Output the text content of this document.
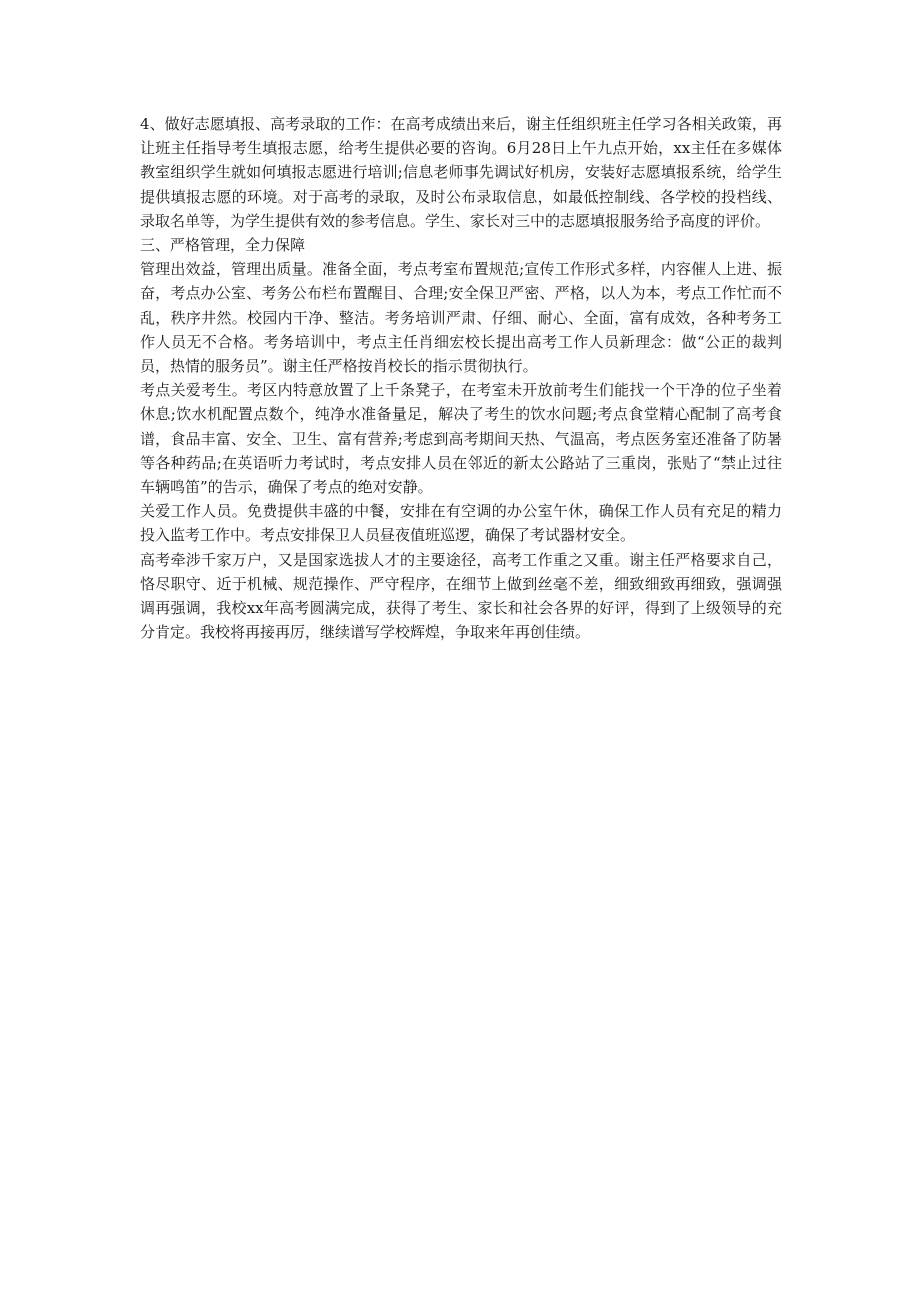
4、做好志愿填报、高考录取的工作：在高考成绩出来后，谢主任组织班主任学习各相关政策，再让班主任指导考生填报志愿，给考生提供必要的咨询。6月28日上午九点开始，xx主任在多媒体教室组织学生就如何填报志愿进行培训;信息老师事先调试好机房，安装好志愿填报系统，给学生提供填报志愿的环境。对于高考的录取，及时公布录取信息，如最低控制线、各学校的投档线、录取名单等，为学生提供有效的参考信息。学生、家长对三中的志愿填报服务给予高度的评价。

三、严格管理，全力保障

管理出效益，管理出质量。准备全面，考点考室布置规范;宣传工作形式多样，内容催人上进、振奋，考点办公室、考务公布栏布置醒目、合理;安全保卫严密、严格，以人为本，考点工作忙而不乱，秩序井然。校园内干净、整洁。考务培训严肃、仔细、耐心、全面，富有成效，各种考务工作人员无不合格。考务培训中，考点主任肖细宏校长提出高考工作人员新理念：做“公正的裁判员，热情的服务员”。谢主任严格按肖校长的指示贯彻执行。

考点关爱考生。考区内特意放置了上千条凳子，在考室未开放前考生们能找一个干净的位子坐着休息;饮水机配置点数个，纯净水准备量足，解决了考生的饮水问题;考点食堂精心配制了高考食谱，食品丰富、安全、卫生、富有营养;考虑到高考期间天热、气温高，考点医务室还准备了防暑等各种药品;在英语听力考试时，考点安排人员在邻近的新太公路站了三重岗，张贴了“禁止过往车辆鸣笛”的告示，确保了考点的绝对安静。

关爱工作人员。免费提供丰盛的中餐，安排在有空调的办公室午休，确保工作人员有充足的精力投入监考工作中。考点安排保卫人员昼夜值班巡逻，确保了考试器材安全。

高考牵涉千家万户，又是国家选拔人才的主要途径，高考工作重之又重。谢主任严格要求自己，恪尽职守、近于机械、规范操作、严守程序，在细节上做到丝毫不差，细致细致再细致，强调强调再强调，我校xx年高考圆满完成，获得了考生、家长和社会各界的好评，得到了上级领导的充分肯定。我校将再接再厉，继续谱写学校辉煌，争取来年再创佳绩。
